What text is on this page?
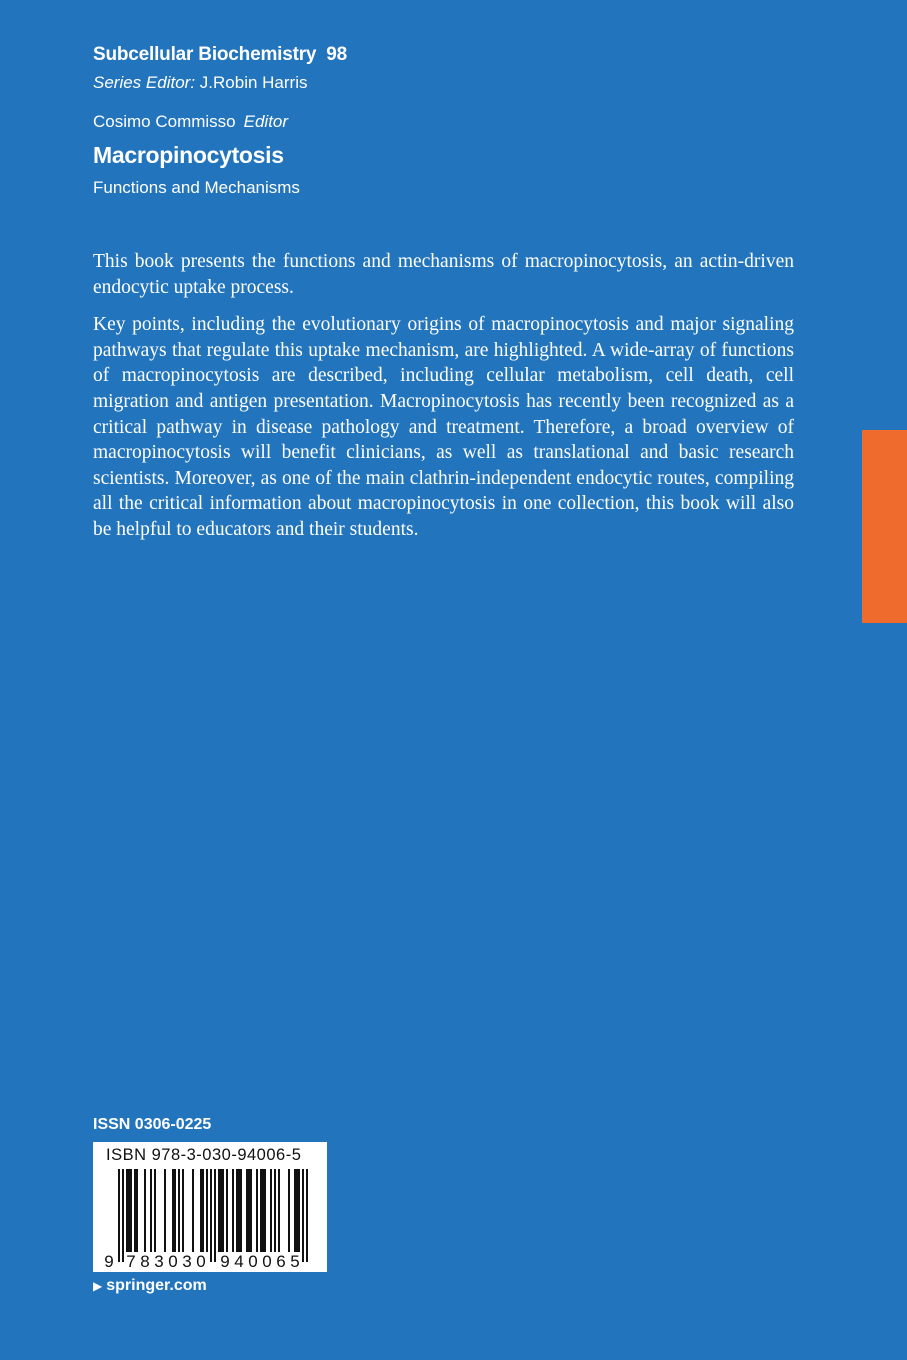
Subcellular Biochemistry 98
Series Editor: J.Robin Harris
Cosimo Commisso Editor
Macropinocytosis
Functions and Mechanisms

This book presents the functions and mechanisms of macropinocytosis, an actin-driven endocytic uptake process.

Key points, including the evolutionary origins of macropinocytosis and major signaling pathways that regulate this uptake mechanism, are highlighted. A wide-array of functions of macropinocytosis are described, including cellular metabolism, cell death, cell migration and antigen presentation. Macropinocytosis has recently been recognized as a critical pathway in disease pathology and treatment. Therefore, a broad overview of macropinocytosis will benefit clinicians, as well as translational and basic research scientists. Moreover, as one of the main clathrin-independent endocytic routes, compiling all the critical information about macropinocytosis in one collection, this book will also be helpful to educators and their students.

ISSN 0306-0225
9 7 8 3 0 3 0 9 4 0 0 6 5
ISBN 978-3-030-94006-5
▶ springer.com
